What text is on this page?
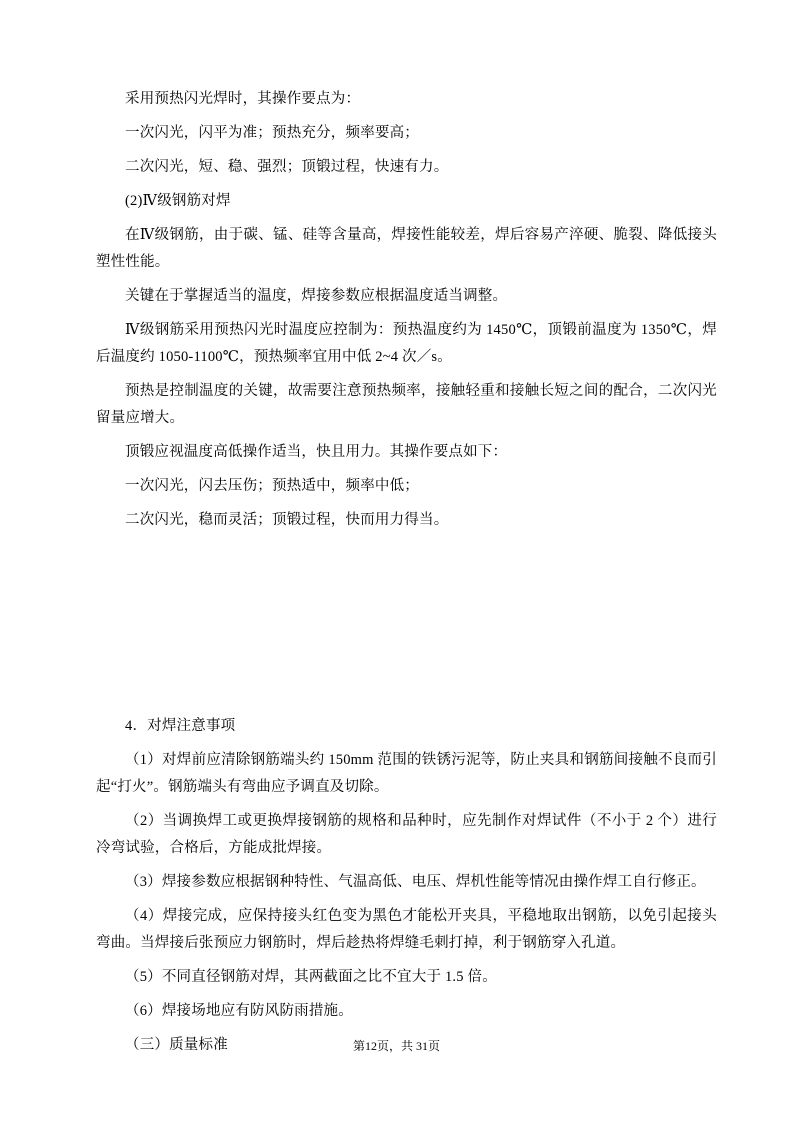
采用预热闪光焊时，其操作要点为：

一次闪光，闪平为准；预热充分，频率要高；

二次闪光，短、稳、强烈；顶锻过程，快速有力。

(2)Ⅳ级钢筋对焊

在Ⅳ级钢筋，由于碳、锰、硅等含量高，焊接性能较差，焊后容易产淬硬、脆裂、降低接头塑性性能。

关键在于掌握适当的温度，焊接参数应根据温度适当调整。

Ⅳ级钢筋采用预热闪光时温度应控制为：预热温度约为 1450℃，顶锻前温度为 1350℃，焊后温度约 1050-1100℃，预热频率宜用中低 2~4 次／s。

预热是控制温度的关键，故需要注意预热频率，接触轻重和接触长短之间的配合，二次闪光留量应增大。

顶锻应视温度高低操作适当，快且用力。其操作要点如下：

一次闪光，闪去压伤；预热适中，频率中低；

二次闪光，稳而灵活；顶锻过程，快而用力得当。

4．对焊注意事项

（1）对焊前应清除钢筋端头约 150mm 范围的铁锈污泥等，防止夹具和钢筋间接触不良而引起“打火”。钢筋端头有弯曲应予调直及切除。

（2）当调换焊工或更换焊接钢筋的规格和品种时，应先制作对焊试件（不小于 2 个）进行冷弯试验，合格后，方能成批焊接。

（3）焊接参数应根据钢种特性、气温高低、电压、焊机性能等情况由操作焊工自行修正。

（4）焊接完成，应保持接头红色变为黑色才能松开夹具，平稳地取出钢筋，以免引起接头弯曲。当焊接后张预应力钢筋时，焊后趁热将焊缝毛刺打掉，利于钢筋穿入孔道。

（5）不同直径钢筋对焊，其两截面之比不宜大于 1.5 倍。

（6）焊接场地应有防风防雨措施。

（三）质量标准	第12页，共 31页
